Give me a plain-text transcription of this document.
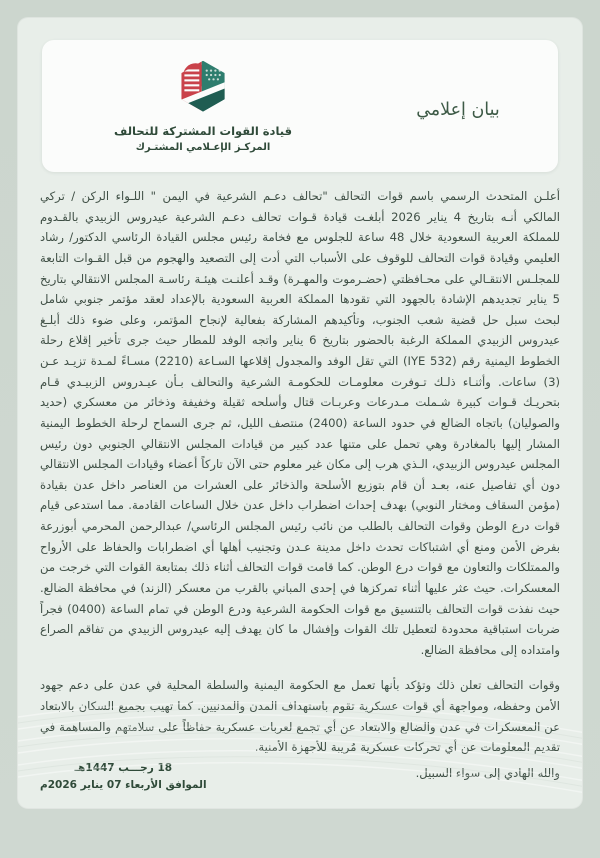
بيان إعلامي
قيادة القوات المشتركة للتحالف
المركـز الإعـلامي المشتـرك

أعلـن المتحدث الرسمي باسم قوات التحالف "تحالف دعـم الشرعية في اليمن " اللـواء الركن / تركي المالكي أنـه بتاريخ 4 يناير 2026 أبلغـت قيادة قـوات تحالف دعـم الشرعية عيدروس الزبيدي بالقـدوم للمملكة العربية السعودية خلال 48 ساعة للجلوس مع فخامة رئيس مجلس القيادة الرئاسي الدكتور/ رشاد العليمي وقيادة قوات التحالف للوقوف على الأسباب التي أدت إلى التصعيد والهجوم من قبل القـوات التابعة للمجلـس الانتقـالي على محـافظتي (حضـرموت والمهـرة) وقـد أعلنـت هيئـة رئاسـة المجلس الانتقالي بتاريخ 5 يناير تجديدهم الإشادة بالجهود التي تقودها المملكة العربية السعودية بالإعداد لعقد مؤتمر جنوبي شامل لبحث سبل حل قضية شعب الجنوب، وتأكيدهم المشاركة بفعالية لإنجاح المؤتمر، وعلى ضوء ذلك أبلـغ عيدروس الزبيدي المملكة الرغبة بالحضور بتاريخ 6 يناير واتجه الوفد للمطار حيث جرى تأخير إقلاع رحلة الخطوط اليمنية رقم (IYE 532) التي تقل الوفد والمجدول إقلاعها السـاعة (2210) مسـاءً لمـدة تزيـد عـن (3) ساعات. وأثنـاء ذلـك تـوفرت معلومـات للحكومـة الشرعية والتحالف بـأن عيـدروس الزبيـدي قـام بتحريـك قـوات كبيرة شـملت مـدرعات وعربـات قتال وأسلحه ثقيلة وخفيفة وذخائر من معسكري (حديد والصوليان) باتجاه الضالع في حدود الساعة (2400) منتصف الليل، ثم جرى السماح لرحلة الخطوط اليمنية المشار إليها بالمغادرة وهي تحمل على متنها عدد كبير من قيادات المجلس الانتقالي الجنوبي دون رئيس المجلس عيدروس الزبيدي، الـذي هرب إلى مكان غير معلوم حتى الآن تاركاً أعضاء وقيادات المجلس الانتقالي دون أي تفاصيل عنه، بعـد أن قام بتوزيع الأسلحة والذخائر على العشرات من العناصر داخل عدن بقيادة (مؤمن السقاف ومختار النوبي) بهدف إحداث اضطراب داخل عدن خلال الساعات القادمة. مما استدعى قيام قوات درع الوطن وقوات التحالف بالطلب من نائب رئيس المجلس الرئاسي/ عبدالرحمن المحرمي أبوزرعة بفرض الأمن ومنع أي اشتباكات تحدث داخل مدينة عـدن وتجنيب أهلها أي اضطرابات والحفاظ على الأرواح والممتلكات والتعاون مع قوات درع الوطن. كما قامت قوات التحالف أثناء ذلك بمتابعة القوات التي خرجت من المعسكرات. حيث عثر عليها أثناء تمركزها في إحدى المباني بالقرب من معسكر (الزند) في محافظة الضالع. حيث نفذت قوات التحالف بالتنسيق مع قوات الحكومة الشرعية ودرع الوطن في تمام الساعة (0400) فجراً ضربات استباقية محدودة لتعطيل تلك القوات وإفشال ما كان يهدف إليه عيدروس الزبيدي من تفاقم الصراع وامتداده إلى محافظة الضالع.

وقوات التحالف تعلن ذلك وتؤكد بأنها تعمل مع الحكومة اليمنية والسلطة المحلية في عدن على دعم جهود الأمن وحفظه، ومواجهة أي قوات عسكرية تقوم باستهداف المدن والمدنيين. كما تهيب بجميع السكان بالابتعاد عن المعسكرات في عدن والضالع والابتعاد عن أي تجمع لعربات عسكرية حفاظاً على سلامتهم والمساهمة في تقديم المعلومات عن أي تحركات عسكرية مُريبة للأجهزة الأمنية.

والله الهادي إلى سواء السبيل.
18 رجـــب 1447هـ
الموافق الأربعاء 07 يناير 2026م
